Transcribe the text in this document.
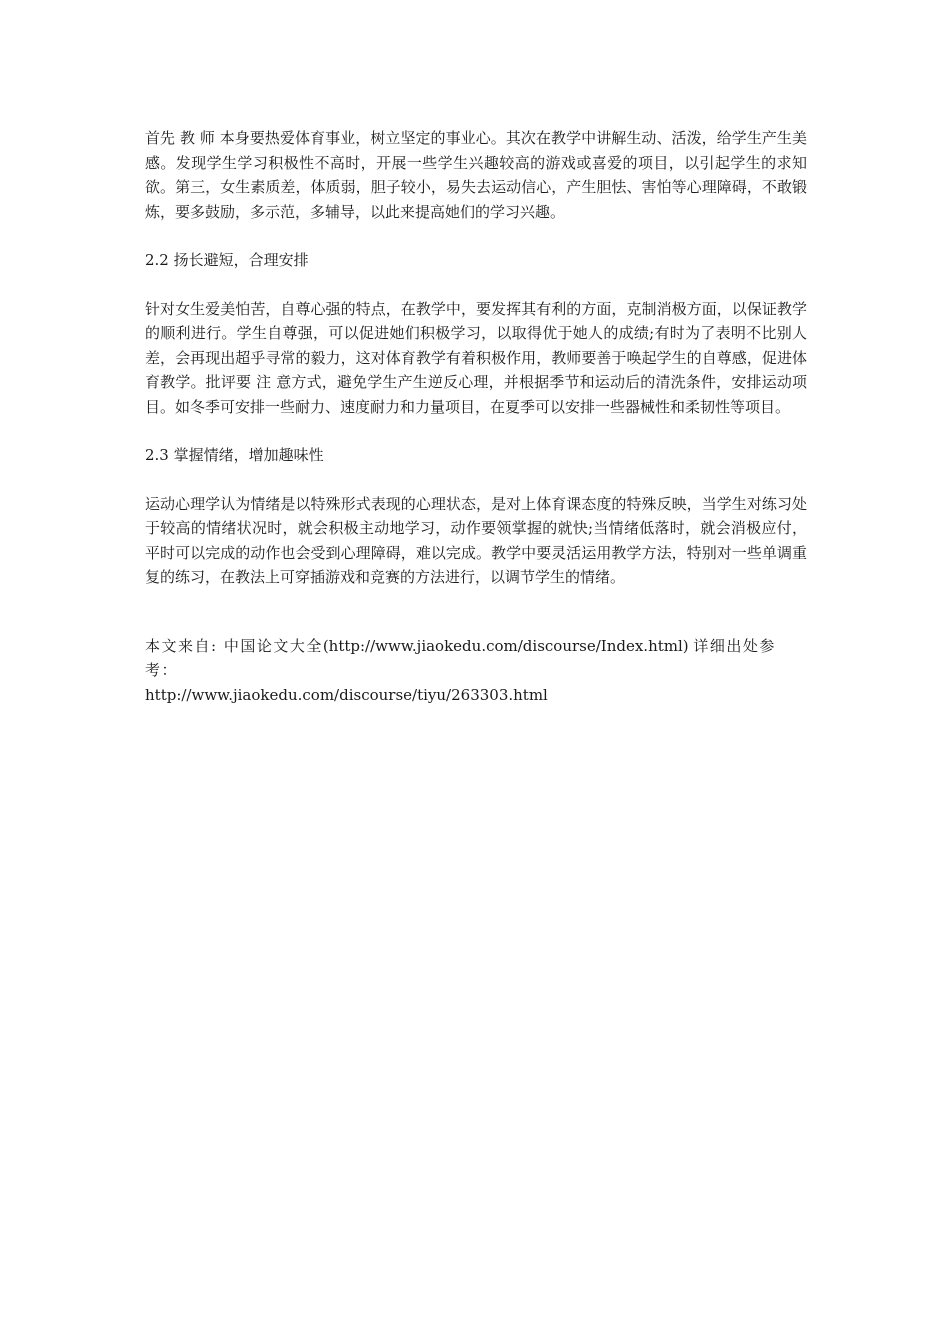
首先 教 师 本身要热爱体育事业，树立坚定的事业心。其次在教学中讲解生动、活泼，给学生产生美感。发现学生学习积极性不高时，开展一些学生兴趣较高的游戏或喜爱的项目，以引起学生的求知欲。第三，女生素质差，体质弱，胆子较小，易失去运动信心，产生胆怯、害怕等心理障碍，不敢锻炼，要多鼓励，多示范，多辅导，以此来提高她们的学习兴趣。

2.2 扬长避短，合理安排

针对女生爱美怕苦，自尊心强的特点，在教学中，要发挥其有利的方面，克制消极方面，以保证教学的顺利进行。学生自尊强，可以促进她们积极学习，以取得优于她人的成绩;有时为了表明不比别人差，会再现出超乎寻常的毅力，这对体育教学有着积极作用，教师要善于唤起学生的自尊感，促进体育教学。批评要 注 意方式，避免学生产生逆反心理，并根据季节和运动后的清洗条件，安排运动项目。如冬季可安排一些耐力、速度耐力和力量项目，在夏季可以安排一些器械性和柔韧性等项目。

2.3 掌握情绪，增加趣味性

运动心理学认为情绪是以特殊形式表现的心理状态，是对上体育课态度的特殊反映，当学生对练习处于较高的情绪状况时，就会积极主动地学习，动作要领掌握的就快;当情绪低落时，就会消极应付，平时可以完成的动作也会受到心理障碍，难以完成。教学中要灵活运用教学方法，特别对一些单调重复的练习，在教法上可穿插游戏和竞赛的方法进行，以调节学生的情绪。

本文来自: 中国论文大全(http://www.jiaokedu.com/discourse/Index.html) 详细出处参考：
http://www.jiaokedu.com/discourse/tiyu/263303.html
